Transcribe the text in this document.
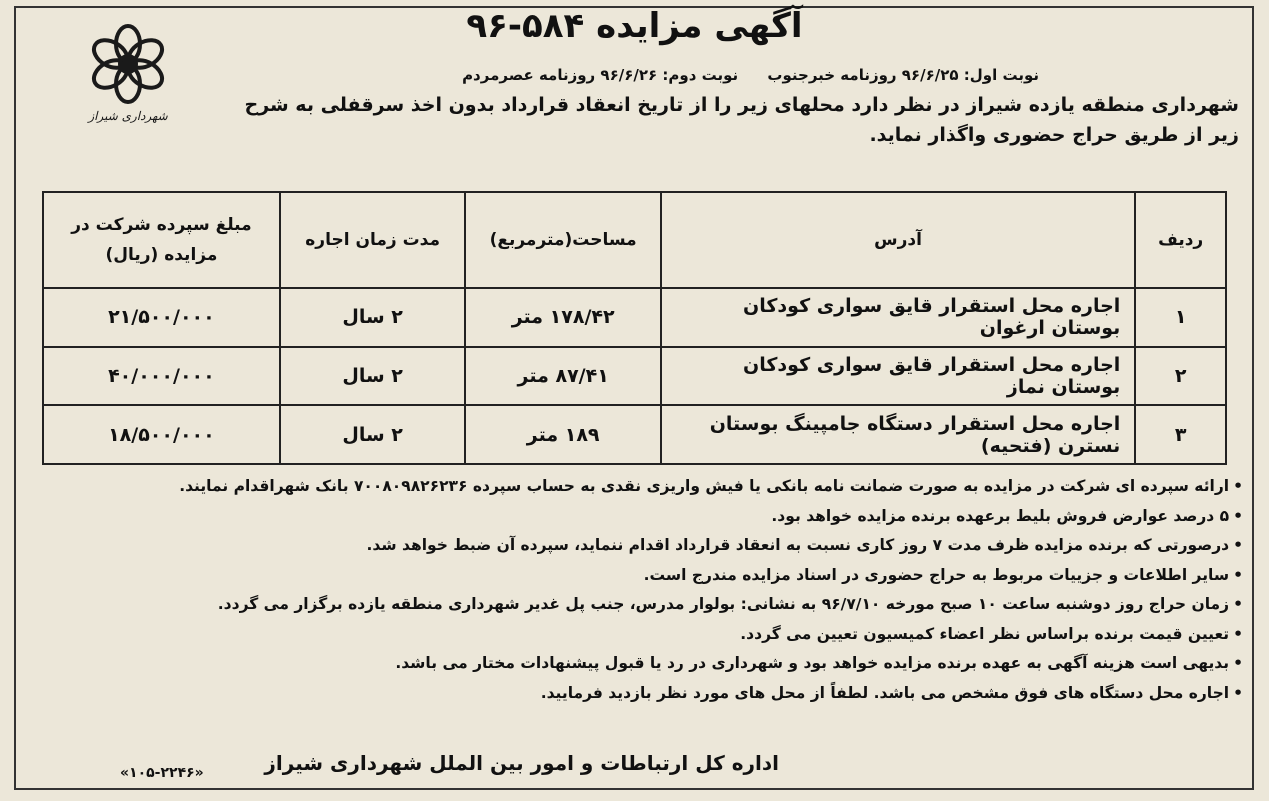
شهرداری شیراز
آگهی مزایده ۵۸۴-۹۶
نوبت اول: ۹۶/۶/۲۵ روزنامه خبرجنوب نوبت دوم: ۹۶/۶/۲۶ روزنامه عصرمردم
شهرداری منطقه یازده شیراز در نظر دارد محلهای زیر را از تاریخ انعقاد قرارداد بدون اخذ سرقفلی به شرح زیر از طریق حراج حضوری واگذار نماید.
ردیف	آدرس	مساحت(مترمربع)	مدت زمان اجاره	مبلغ سپرده شرکت در مزایده (ریال)
۱	اجاره محل استقرار قایق سواری کودکان بوستان ارغوان	۱۷۸/۴۲ متر	۲ سال	۲۱/۵۰۰/۰۰۰
۲	اجاره محل استقرار قایق سواری کودکان بوستان نماز	۸۷/۴۱ متر	۲ سال	۴۰/۰۰۰/۰۰۰
۳	اجاره محل استقرار دستگاه جامپینگ بوستان نسترن (فتحیه)	۱۸۹ متر	۲ سال	۱۸/۵۰۰/۰۰۰
• ارائه سپرده ای شرکت در مزایده به صورت ضمانت نامه بانکی یا فیش واریزی نقدی به حساب سپرده ۷۰۰۸۰۹۸۲۶۲۳۶ بانک شهراقدام نمایند.
• ۵ درصد عوارض فروش بلیط برعهده برنده مزایده خواهد بود.
• درصورتی که برنده مزایده ظرف مدت ۷ روز کاری نسبت به انعقاد قرارداد اقدام ننماید، سپرده آن ضبط خواهد شد.
• سایر اطلاعات و جزییات مربوط به حراج حضوری در اسناد مزایده مندرج است.
• زمان حراج روز دوشنبه ساعت ۱۰ صبح مورخه ۹۶/۷/۱۰ به نشانی: بولوار مدرس، جنب پل غدیر شهرداری منطقه یازده برگزار می گردد.
• تعیین قیمت برنده براساس نظر اعضاء کمیسیون تعیین می گردد.
• بدیهی است هزینه آگهی به عهده برنده مزایده خواهد بود و شهرداری در رد یا قبول پیشنهادات مختار می باشد.
• اجاره محل دستگاه های فوق مشخص می باشد. لطفاً از محل های مورد نظر بازدید فرمایید.
اداره کل ارتباطات و امور بین الملل شهرداری شیراز
«۱۰۵-۲۲۴۶»
